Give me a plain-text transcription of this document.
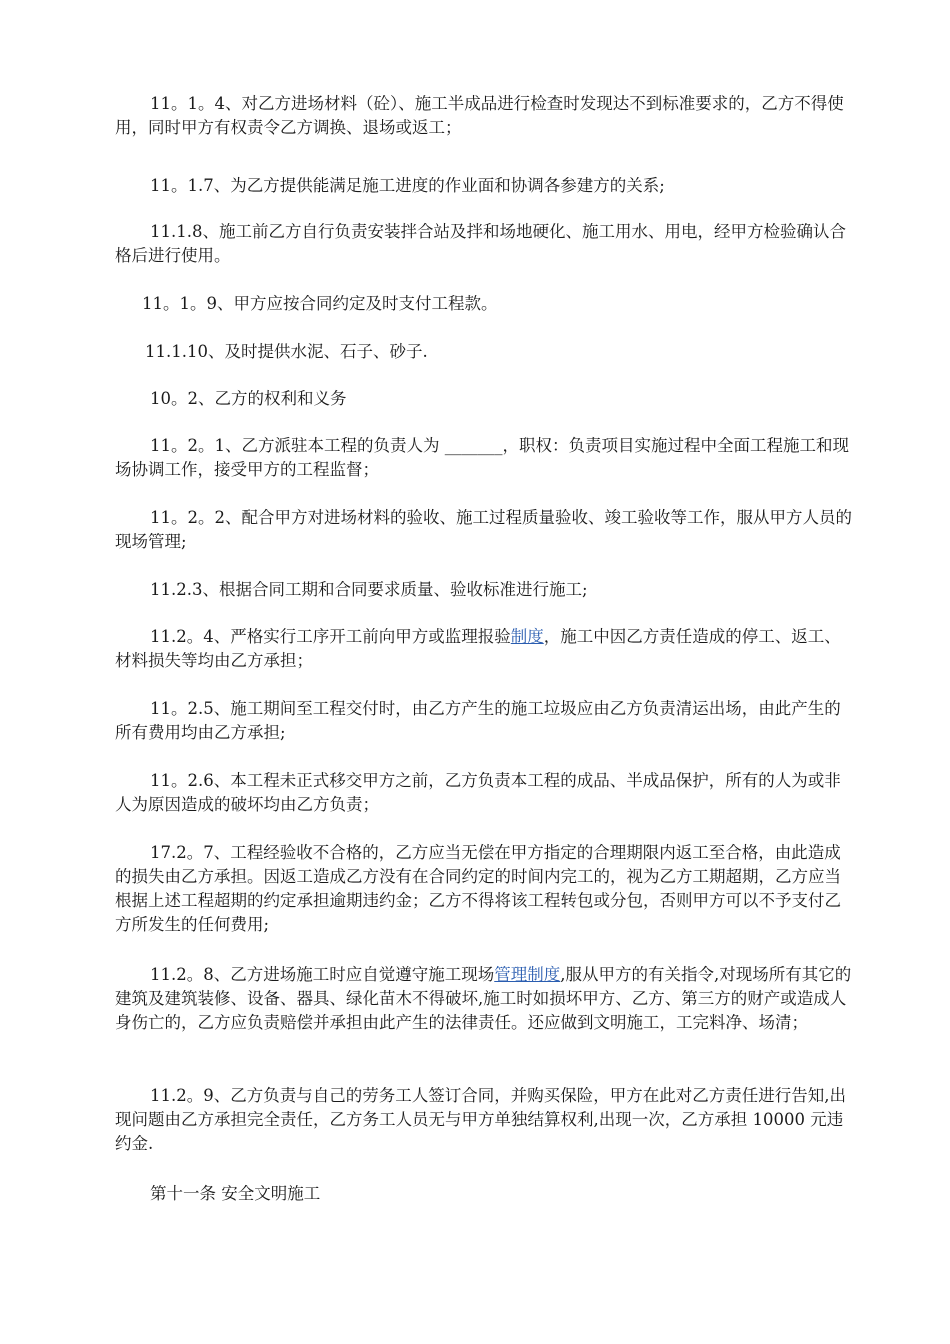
11。1。4、对乙方进场材料（砼）、施工半成品进行检查时发现达不到标准要求的，乙方不得使用，同时甲方有权责令乙方调换、退场或返工；

11。1.7、为乙方提供能满足施工进度的作业面和协调各参建方的关系;

11.1.8、施工前乙方自行负责安装拌合站及拌和场地硬化、施工用水、用电，经甲方检验确认合格后进行使用。

11。1。9、甲方应按合同约定及时支付工程款。

11.1.10、及时提供水泥、石子、砂子.

10。2、乙方的权利和义务

11。2。1、乙方派驻本工程的负责人为 _______，职权：负责项目实施过程中全面工程施工和现场协调工作，接受甲方的工程监督；

11。2。2、配合甲方对进场材料的验收、施工过程质量验收、竣工验收等工作，服从甲方人员的现场管理;

11.2.3、根据合同工期和合同要求质量、验收标准进行施工;

11.2。4、严格实行工序开工前向甲方或监理报验制度，施工中因乙方责任造成的停工、返工、材料损失等均由乙方承担；

11。2.5、施工期间至工程交付时，由乙方产生的施工垃圾应由乙方负责清运出场，由此产生的所有费用均由乙方承担;

11。2.6、本工程未正式移交甲方之前，乙方负责本工程的成品、半成品保护，所有的人为或非人为原因造成的破坏均由乙方负责；

17.2。7、工程经验收不合格的，乙方应当无偿在甲方指定的合理期限内返工至合格，由此造成的损失由乙方承担。因返工造成乙方没有在合同约定的时间内完工的，视为乙方工期超期，乙方应当根据上述工程超期的约定承担逾期违约金；乙方不得将该工程转包或分包，否则甲方可以不予支付乙方所发生的任何费用;

11.2。8、乙方进场施工时应自觉遵守施工现场管理制度,服从甲方的有关指令,对现场所有其它的建筑及建筑装修、设备、器具、绿化苗木不得破坏,施工时如损坏甲方、乙方、第三方的财产或造成人身伤亡的，乙方应负责赔偿并承担由此产生的法律责任。还应做到文明施工，工完料净、场清；

11.2。9、乙方负责与自己的劳务工人签订合同，并购买保险，甲方在此对乙方责任进行告知,出现问题由乙方承担完全责任，乙方务工人员无与甲方单独结算权利,出现一次，乙方承担 10000 元违约金.

第十一条 安全文明施工
